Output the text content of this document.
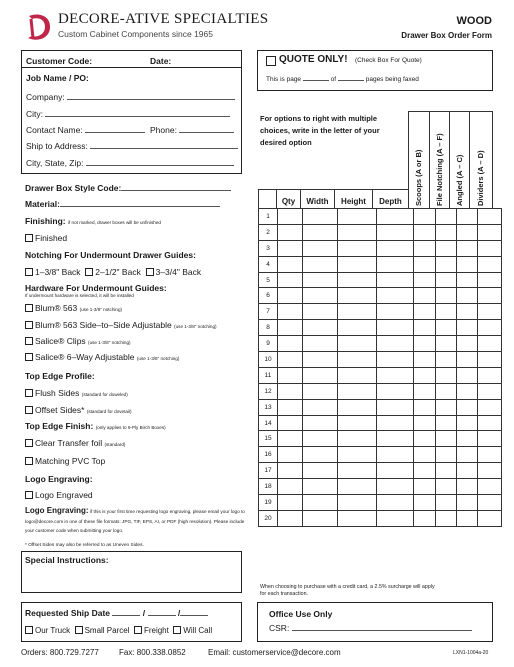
DECORE-ATIVE SPECIALTIES
Custom Cabinet Components since 1965
WOOD
Drawer Box Order Form
Customer Code:	Date:
Job Name / PO:
Company:
City:
Contact Name:	Phone:
Ship to Address:
City, State, Zip:
QUOTE ONLY! (Check Box For Quote)
This is page	of	pages being faxed
For options to right with multiple choices, write in the letter of your desired option
Drawer Box Style Code:
Material:
Finishing: if not marked, drawer boxes will be unfinished
Finished
Notching For Undermount Drawer Guides:
1–3/8" Back 2–1/2" Back 3–3/4" Back
Hardware For Undermount Guides:
If undermount hardware is selected, it will be installed
Blum® 563 (use 1-3/8" notching)
Blum® 563 Side–to–Side Adjustable (use 1-3/8" notching)
Salice® Clips (use 1-3/8" notching)
Salice® 6–Way Adjustable (use 1-3/8" notching)
Top Edge Profile:
Flush Sides (standard for doweled)
Offset Sides* (standard for dovetail)
Top Edge Finish: (only applies to 9-Ply Birch Boxes)
Clear Transfer foil (standard)
Matching PVC Top
Logo Engraving:
Logo Engraved
Logo Engraving: if this is your first time requesting logo engraving, please email your logo to logo@decore.com in one of these file formats: JPG, TIF, EPS, AI, or PDF (high resolution). Please include your customer code when submitting your logo.
* Offset Sides may also be referred to as Uneven Sides.
Special Instructions:
Requested Ship Date	/	/
Our Truck Small Parcel Freight Will Call
When choosing to purchase with a credit card, a 2.5% surcharge will apply for each transaction.
Office Use Only
CSR:
Qty	Width	Height	Depth	Scoops (A or B) File Notching (A – F) Angled (A – C) Dividers (A – D)
1								
2								
3								
4								
5								
6								
7								
8								
9								
10								
11								
12								
13								
14								
15								
16								
17								
18								
19								
20								
Orders: 800.729.7277	Fax: 800.338.0852	Email: customerservice@decore.com	LXN1-1004a-20
